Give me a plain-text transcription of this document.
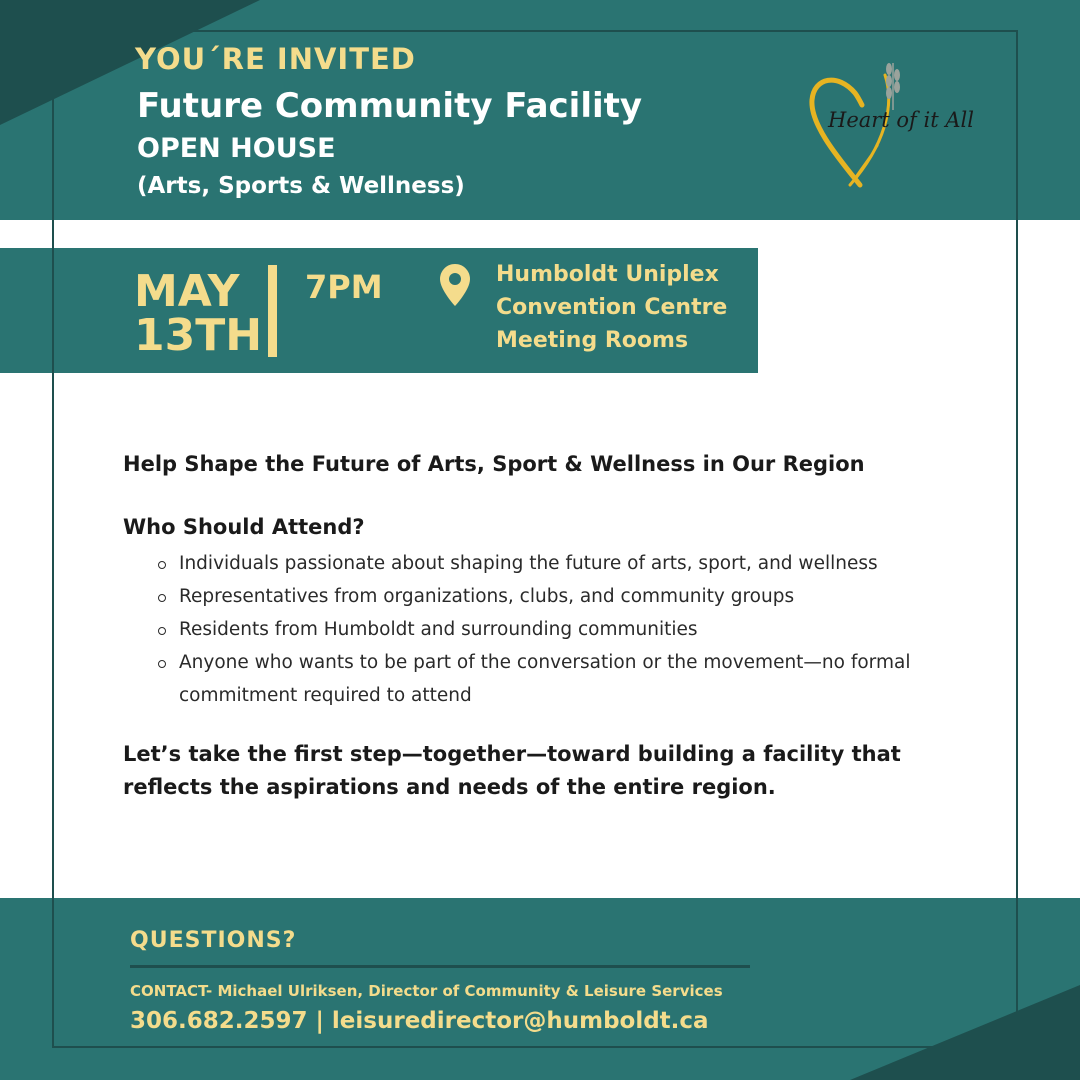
YOU´RE INVITED
Future Community Facility
OPEN HOUSE
(Arts, Sports & Wellness)
Heart of it All

MAY

13TH

7PM	Humboldt Uniplex

Convention Centre

Meeting Rooms

Help Shape the Future of Arts, Sport & Wellness in Our Region
Who Should Attend?
Individuals passionate about shaping the future of arts, sport, and wellness
Representatives from organizations, clubs, and community groups
Residents from Humboldt and surrounding communities
Anyone who wants to be part of the conversation or the movement—no formal commitment required to attend

Let’s take the first step—together—toward building a facility that reflects the aspirations and needs of the entire region.

QUESTIONS?

CONTACT- Michael Ulriksen, Director of Community & Leisure Services

306.682.2597 | leisuredirector@humboldt.ca
